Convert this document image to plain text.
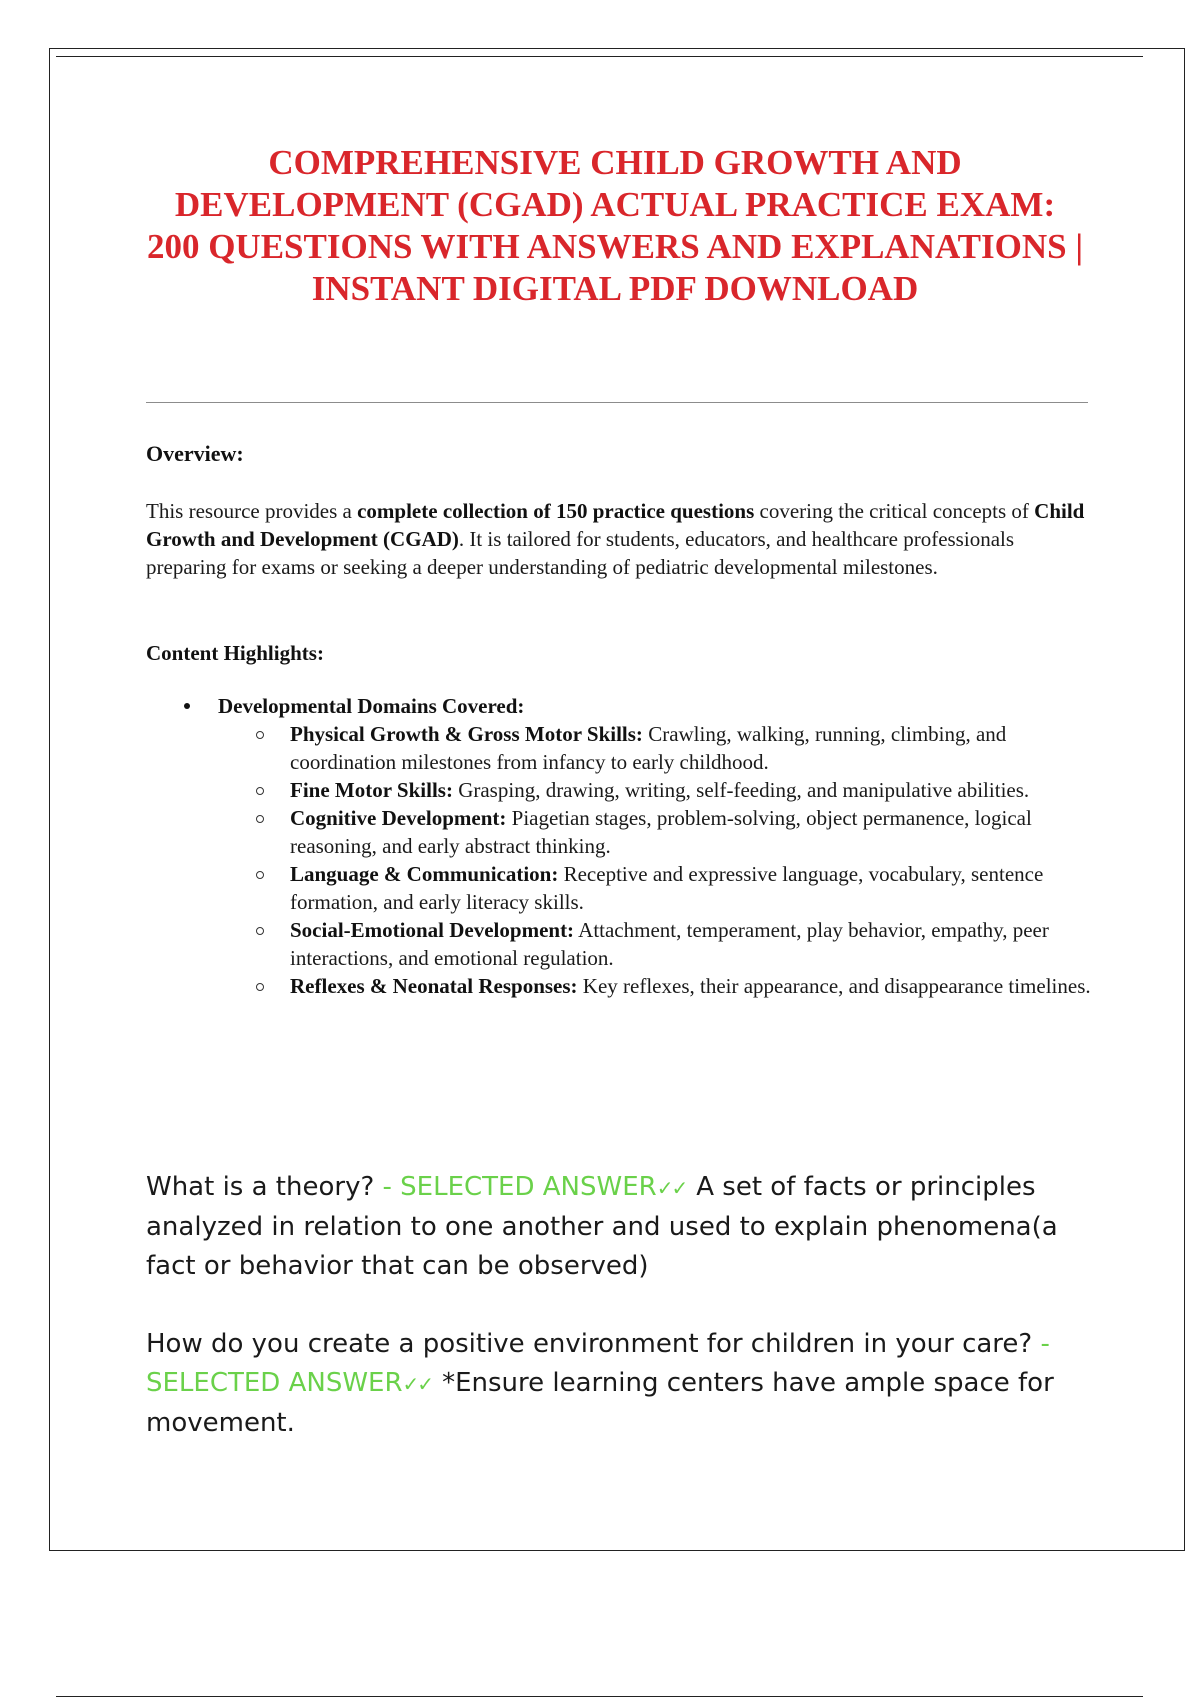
COMPREHENSIVE CHILD GROWTH AND DEVELOPMENT (CGAD) ACTUAL PRACTICE EXAM: 200 QUESTIONS WITH ANSWERS AND EXPLANATIONS | INSTANT DIGITAL PDF DOWNLOAD
Overview:

This resource provides a complete collection of 150 practice questions covering the critical concepts of Child Growth and Development (CGAD). It is tailored for students, educators, and healthcare professionals preparing for exams or seeking a deeper understanding of pediatric developmental milestones.

Content Highlights:
Developmental Domains Covered:
Physical Growth & Gross Motor Skills: Crawling, walking, running, climbing, and coordination milestones from infancy to early childhood.
Fine Motor Skills: Grasping, drawing, writing, self-feeding, and manipulative abilities.
Cognitive Development: Piagetian stages, problem-solving, object permanence, logical reasoning, and early abstract thinking.
Language & Communication: Receptive and expressive language, vocabulary, sentence formation, and early literacy skills.
Social-Emotional Development: Attachment, temperament, play behavior, empathy, peer interactions, and emotional regulation.
Reflexes & Neonatal Responses: Key reflexes, their appearance, and disappearance timelines.

What is a theory? - SELECTED ANSWER✓✓ A set of facts or principles analyzed in relation to one another and used to explain phenomena(a fact or behavior that can be observed)

How do you create a positive environment for children in your care? - SELECTED ANSWER✓✓ *Ensure learning centers have ample space for movement.
